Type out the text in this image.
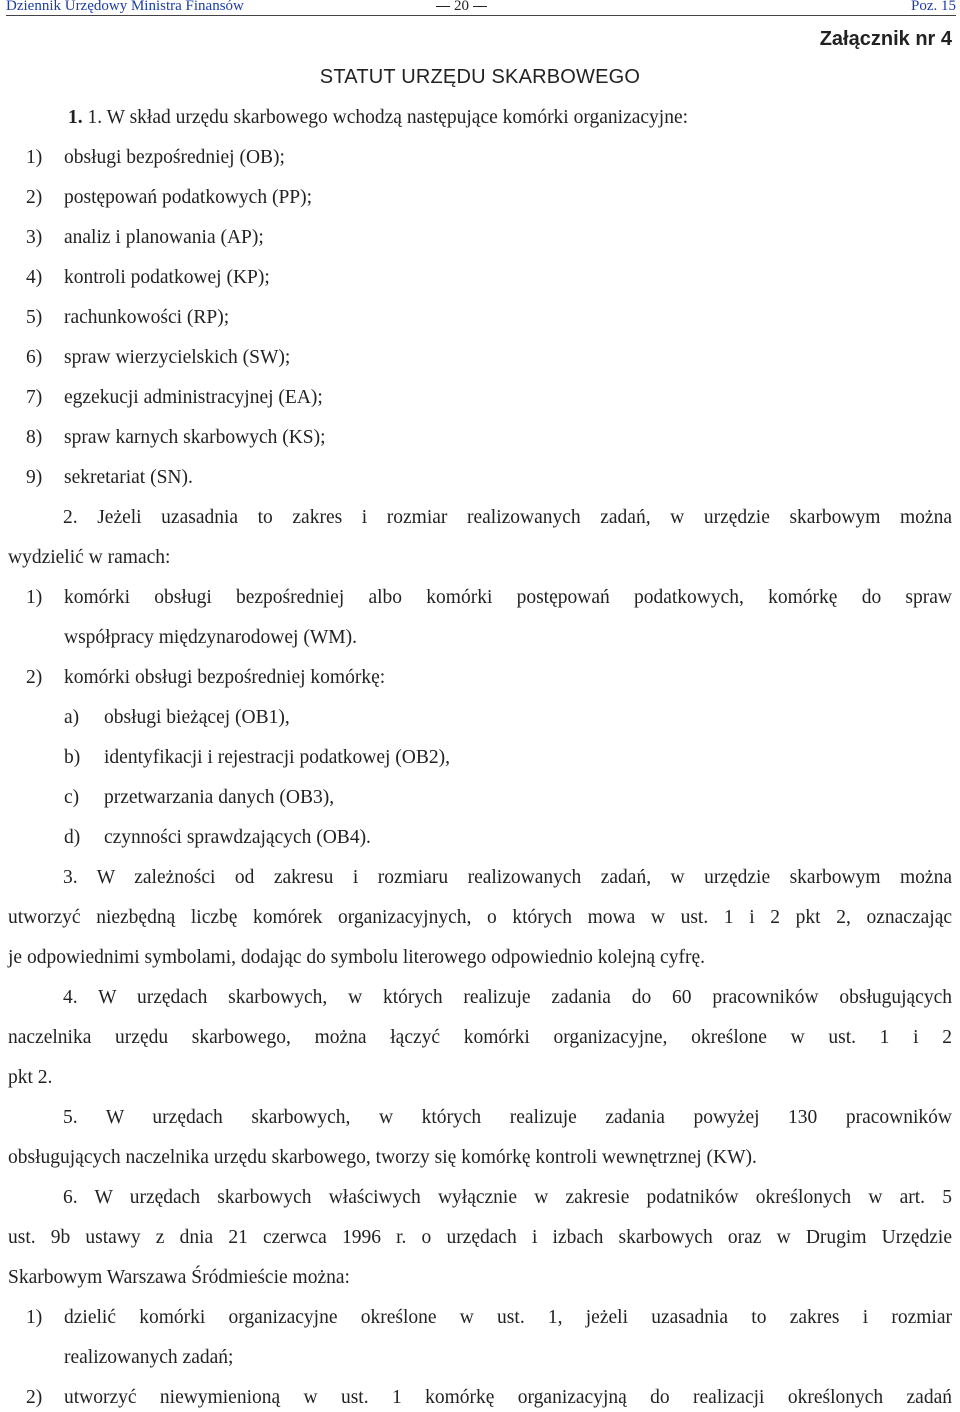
Dziennik Urzędowy Ministra Finansów	20	Poz. 15
Załącznik nr 4
STATUT URZĘDU SKARBOWEGO
1. 1. W skład urzędu skarbowego wchodzą następujące komórki organizacyjne:
1) obsługi bezpośredniej (OB);
2) postępowań podatkowych (PP);
3) analiz i planowania (AP);
4) kontroli podatkowej (KP);
5) rachunkowości (RP);
6) spraw wierzycielskich (SW);
7) egzekucji administracyjnej (EA);
8) spraw karnych skarbowych (KS);
9) sekretariat (SN).
2. Jeżeli uzasadnia to zakres i rozmiar realizowanych zadań, w urzędzie skarbowym można
wydzielić w ramach:
1) komórki obsługi bezpośredniej albo komórki postępowań podatkowych, komórkę do spraw
współpracy międzynarodowej (WM).
2) komórki obsługi bezpośredniej komórkę:
a) obsługi bieżącej (OB1),
b) identyfikacji i rejestracji podatkowej (OB2),
c) przetwarzania danych (OB3),
d) czynności sprawdzających (OB4).
3. W zależności od zakresu i rozmiaru realizowanych zadań, w urzędzie skarbowym można
utworzyć niezbędną liczbę komórek organizacyjnych, o których mowa w ust. 1 i 2 pkt 2, oznaczając
je odpowiednimi symbolami, dodając do symbolu literowego odpowiednio kolejną cyfrę.
4. W urzędach skarbowych, w których realizuje zadania do 60 pracowników obsługujących
naczelnika urzędu skarbowego, można łączyć komórki organizacyjne, określone w ust. 1 i 2
pkt 2.
5. W urzędach skarbowych, w których realizuje zadania powyżej 130 pracowników
obsługujących naczelnika urzędu skarbowego, tworzy się komórkę kontroli wewnętrznej (KW).
6. W urzędach skarbowych właściwych wyłącznie w zakresie podatników określonych w art. 5
ust. 9b ustawy z dnia 21 czerwca 1996 r. o urzędach i izbach skarbowych oraz w Drugim Urzędzie
Skarbowym Warszawa Śródmieście można:
1) dzielić komórki organizacyjne określone w ust. 1, jeżeli uzasadnia to zakres i rozmiar
realizowanych zadań;
2) utworzyć niewymienioną w ust. 1 komórkę organizacyjną do realizacji określonych zadań
